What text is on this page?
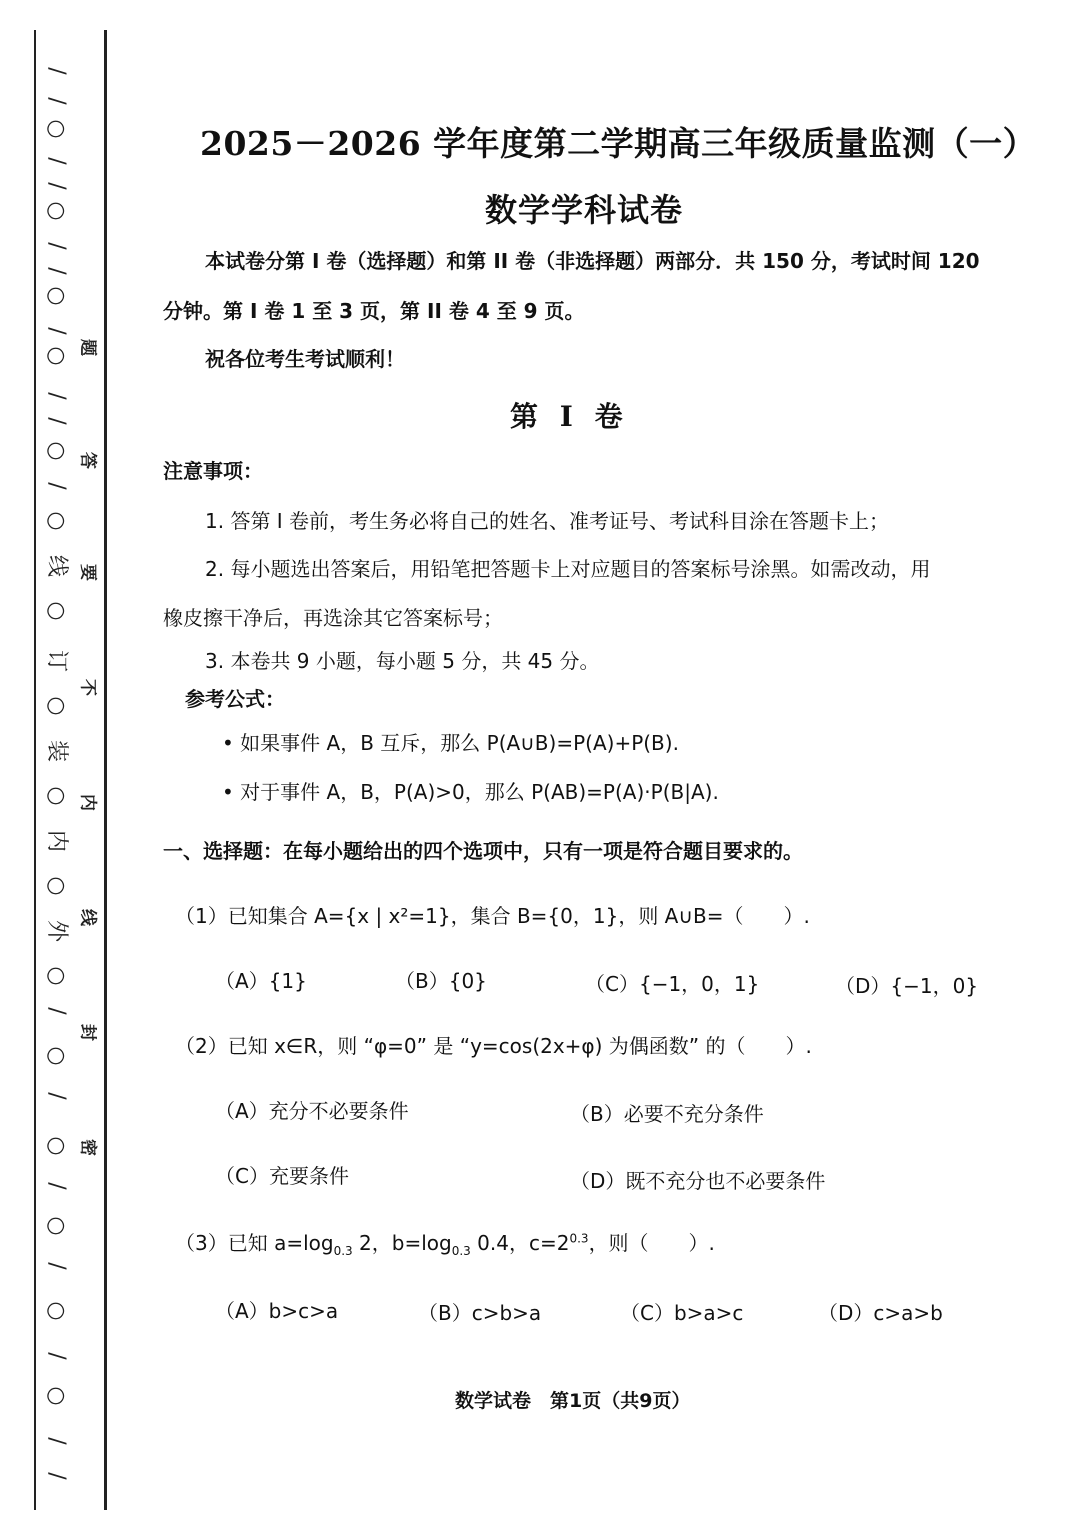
/
/
○
/
/
○
/
/
○
/
○
/
/
○
/
○
线
○
订
○
装
○
内
○
外
○
/
○
/
○
/
○
/
○
/
○
/
/
题
答
要
不
内
线
封
密
2025－2026 学年度第二学期高三年级质量监测（一）
数学学科试卷
本试卷分第 I 卷（选择题）和第 II 卷（非选择题）两部分．共 150 分，考试时间 120
分钟。第 I 卷 1 至 3 页，第 II 卷 4 至 9 页。
祝各位考生考试顺利！
第 I 卷
注意事项：
1. 答第 I 卷前，考生务必将自己的姓名、准考证号、考试科目涂在答题卡上；
2. 每小题选出答案后，用铅笔把答题卡上对应题目的答案标号涂黑。如需改动，用
橡皮擦干净后，再选涂其它答案标号；
3. 本卷共 9 小题，每小题 5 分，共 45 分。
参考公式：
• 如果事件 A，B 互斥，那么 P(A∪B)=P(A)+P(B).
• 对于事件 A，B，P(A)>0，那么 P(AB)=P(A)·P(B|A).
一、选择题：在每小题给出的四个选项中，只有一项是符合题目要求的。
（1）已知集合 A={x | x²=1}，集合 B={0，1}，则 A∪B=（　　）.
（A）{1}	（B）{0}	（C）{−1，0，1}	（D）{−1，0}
（2）已知 x∈R，则 “φ=0” 是 “y=cos(2x+φ) 为偶函数” 的（　　）.
（A）充分不必要条件	（B）必要不充分条件
（C）充要条件	（D）既不充分也不必要条件
（3）已知 $a=\log_{0.3}$ 2，$b=\log_{0.3}$ 0.4，$c=2^{0.3}$，则（　　）.
（A）b>c>a	（B）c>b>a	（C）b>a>c	（D）c>a>b
数学试卷　第1页（共9页）
